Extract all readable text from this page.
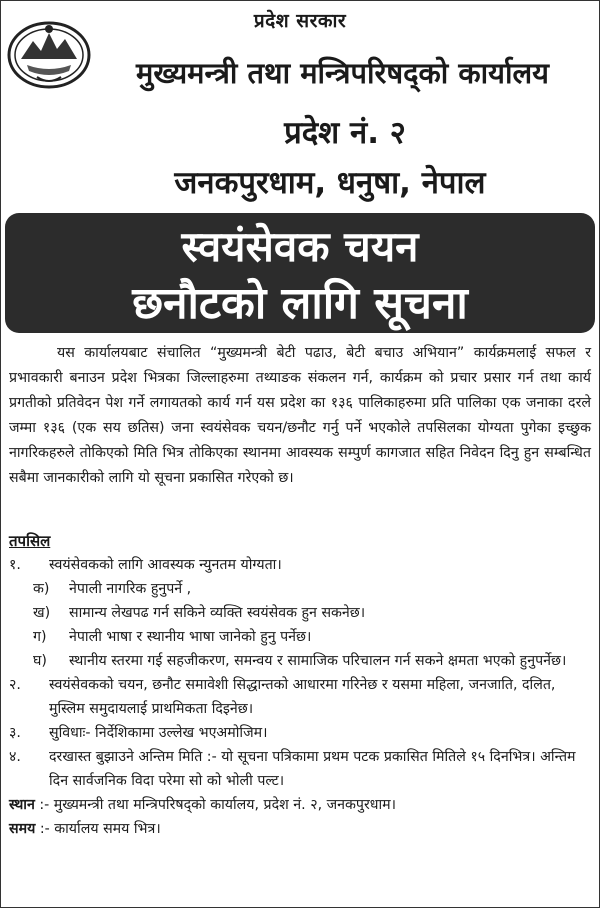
प्रदेश सरकार
मुख्यमन्त्री तथा मन्त्रिपरिषद्को कार्यालय
प्रदेश नं. २
जनकपुरधाम, धनुषा, नेपाल
स्वयंसेवक चयन
छनौटको लागि सूचना
यस कार्यालयबाट संचालित “मुख्यमन्त्री बेटी पढाउ, बेटी बचाउ अभियान” कार्यक्रमलाई सफल र प्रभावकारी बनाउन प्रदेश भित्रका जिल्लाहरुमा तथ्याङक संकलन गर्न, कार्यक्रम को प्रचार प्रसार गर्न तथा कार्य प्रगतीको प्रतिवेदन पेश गर्ने लगायतको कार्य गर्न यस प्रदेश का १३६ पालिकाहरुमा प्रति पालिका एक जनाका दरले जम्मा १३६ (एक सय छतिस) जना स्वयंसेवक चयन/छनौट गर्नु पर्ने भएकोले तपसिलका योग्यता पुगेका इच्छुक नागरिकहरुले तोकिएको मिति भित्र तोकिएका स्थानमा आवस्यक सम्पुर्ण कागजात सहित निवेदन दिनु हुन सम्बन्धित सबैमा जानकारीको लागि यो सूचना प्रकासित गरेएको छ।
तपसिल
१.	स्वयंसेवकको लागि आवस्यक न्युनतम योग्यता।
क)	नेपाली नागरिक हुनुपर्ने ,
ख)	सामान्य लेखपढ गर्न सकिने व्यक्ति स्वयंसेवक हुन सकनेछ।
ग)	नेपाली भाषा र स्थानीय भाषा जानेको हुनु पर्नेछ।
घ)	स्थानीय स्तरमा गई सहजीकरण, समन्वय र सामाजिक परिचालन गर्न सकने क्षमता भएको हुनुपर्नेछ।
२.	स्वयंसेवकको चयन, छनौट समावेशी सिद्धान्तको आधारमा गरिनेछ र यसमा महिला, जनजाति, दलित, मुस्लिम समुदायलाई प्राथमिकता दिइनेछ।
३.	सुविधाः- निर्देशिकामा उल्लेख भएअमोजिम।
४.	दरखास्त बुझाउने अन्तिम मिति :- यो सूचना पत्रिकामा प्रथम पटक प्रकासित मितिले १५ दिनभित्र। अन्तिम दिन सार्वजनिक विदा परेमा सो को भोली पल्ट।
स्थान :- मुख्यमन्त्री तथा मन्त्रिपरिषद्को कार्यालय, प्रदेश नं. २, जनकपुरधाम।
समय :- कार्यालय समय भित्र।
